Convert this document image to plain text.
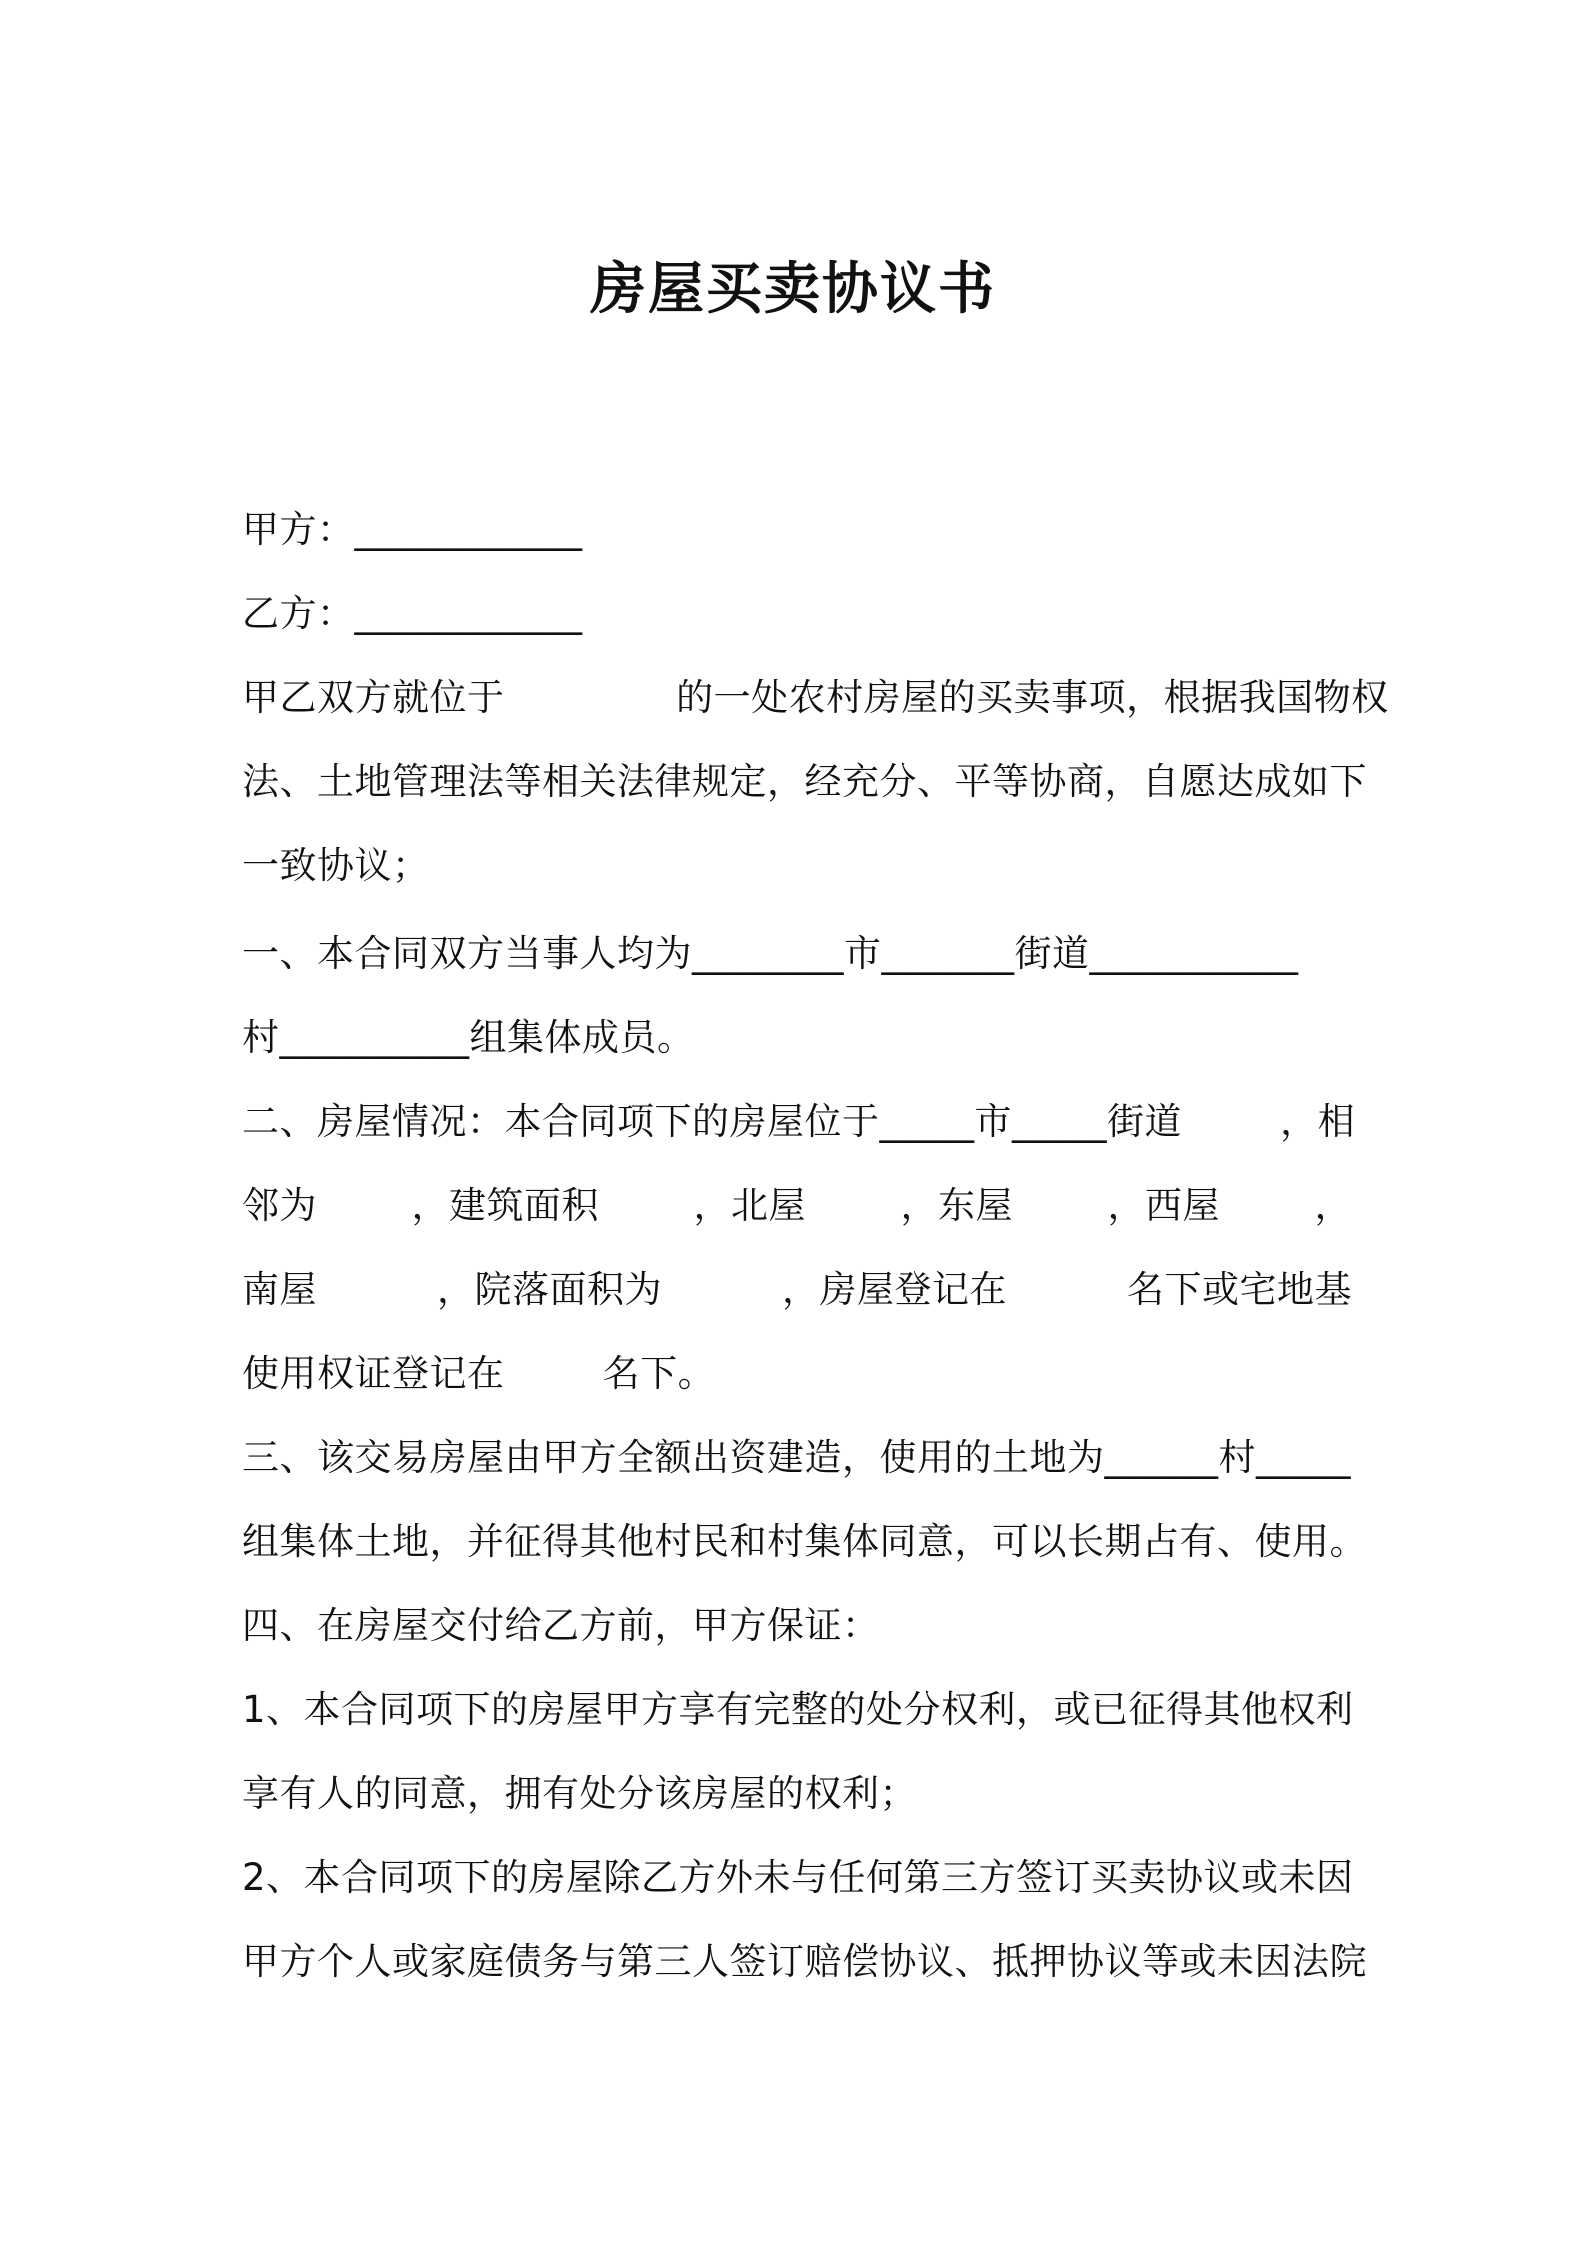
房屋买卖协议书
甲方：____________
乙方：____________
甲乙双方就位于              的一处农村房屋的买卖事项，根据我国物权
法、土地管理法等相关法律规定，经充分、平等协商，自愿达成如下
一致协议；
一、本合同双方当事人均为________市_______街道___________
村__________组集体成员。
二、房屋情况：本合同项下的房屋位于_____市_____街道        ，相
邻为	，建筑面积	，北屋	，东屋	，西屋	，
南屋	，院落面积为	，房屋登记在	名下或宅地基
使用权证登记在        名下。
三、该交易房屋由甲方全额出资建造，使用的土地为______村_____
组集体土地，并征得其他村民和村集体同意，可以长期占有、使用。
四、在房屋交付给乙方前，甲方保证：
1、本合同项下的房屋甲方享有完整的处分权利，或已征得其他权利
享有人的同意，拥有处分该房屋的权利；
2、本合同项下的房屋除乙方外未与任何第三方签订买卖协议或未因
甲方个人或家庭债务与第三人签订赔偿协议、抵押协议等或未因法院
